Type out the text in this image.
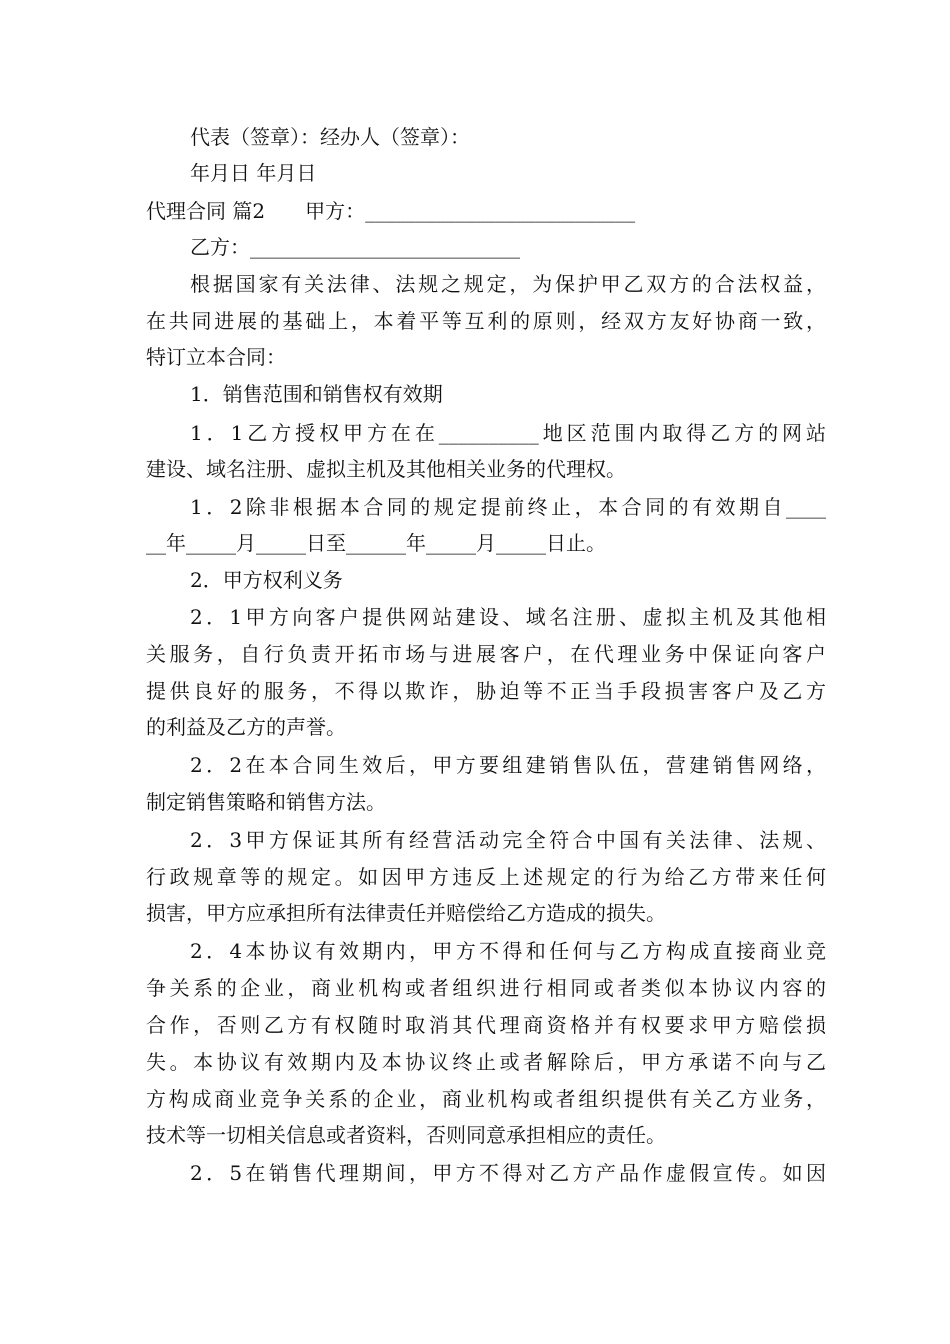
代表（签章）：经办人（签章）：
年月日 年月日
代理合同 篇2　　甲方：___________________________
乙方：___________________________
根据国家有关法律、法规之规定，为保护甲乙双方的合法权益，
在共同进展的基础上，本着平等互利的原则，经双方友好协商一致，
特订立本合同：
1．销售范围和销售权有效期
1．1乙方授权甲方在在__________地区范围内取得乙方的网站
建设、域名注册、虚拟主机及其他相关业务的代理权。
1．2除非根据本合同的规定提前终止，本合同的有效期自____
__年_____月_____日至______年_____月_____日止。
2．甲方权利义务
2．1甲方向客户提供网站建设、域名注册、虚拟主机及其他相
关服务，自行负责开拓市场与进展客户，在代理业务中保证向客户
提供良好的服务，不得以欺诈，胁迫等不正当手段损害客户及乙方
的利益及乙方的声誉。
2．2在本合同生效后，甲方要组建销售队伍，营建销售网络，
制定销售策略和销售方法。
2．3甲方保证其所有经营活动完全符合中国有关法律、法规、
行政规章等的规定。如因甲方违反上述规定的行为给乙方带来任何
损害，甲方应承担所有法律责任并赔偿给乙方造成的损失。
2．4本协议有效期内，甲方不得和任何与乙方构成直接商业竞
争关系的企业，商业机构或者组织进行相同或者类似本协议内容的
合作，否则乙方有权随时取消其代理商资格并有权要求甲方赔偿损
失。本协议有效期内及本协议终止或者解除后，甲方承诺不向与乙
方构成商业竞争关系的企业，商业机构或者组织提供有关乙方业务，
技术等一切相关信息或者资料，否则同意承担相应的责任。
2．5在销售代理期间，甲方不得对乙方产品作虚假宣传。如因
